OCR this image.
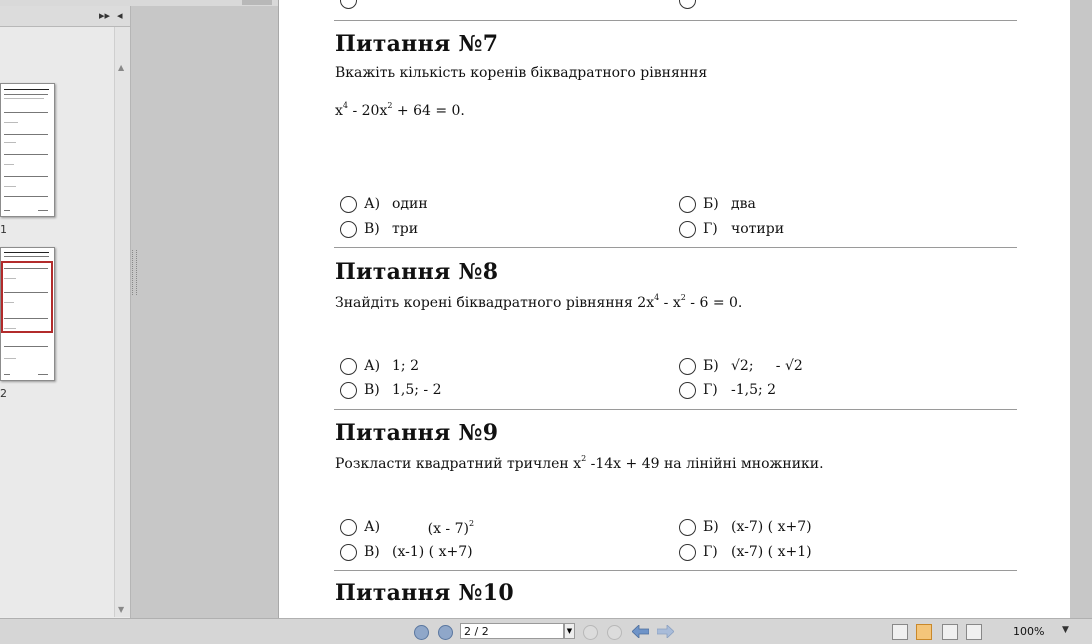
▸▸ ◂
1
2
▲
▼
Питання №7
Вкажіть кількість коренів біквадратного рівняння
$x^4 - 20x^2 + 64 = 0$.
А) один	Б) два
В) три	Г) чотири
Питання №8
Знайдіть корені біквадратного рівняння $2x^4 - x^2 - 6 = 0$.
А) 1; 2	Б) √2;     - √2
В) 1,5; - 2	Г) -1,5; 2
Питання №9
Розкласти квадратний тричлен $x^2$ -14x + 49 на лінійні множники.
А) (x - 7)$^2$	Б) (x-7) ( x+7)
В) (x-1) ( x+7)	Г) (x-7) ( x+1)
Питання №10
2 / 2	▼	100% ▼
